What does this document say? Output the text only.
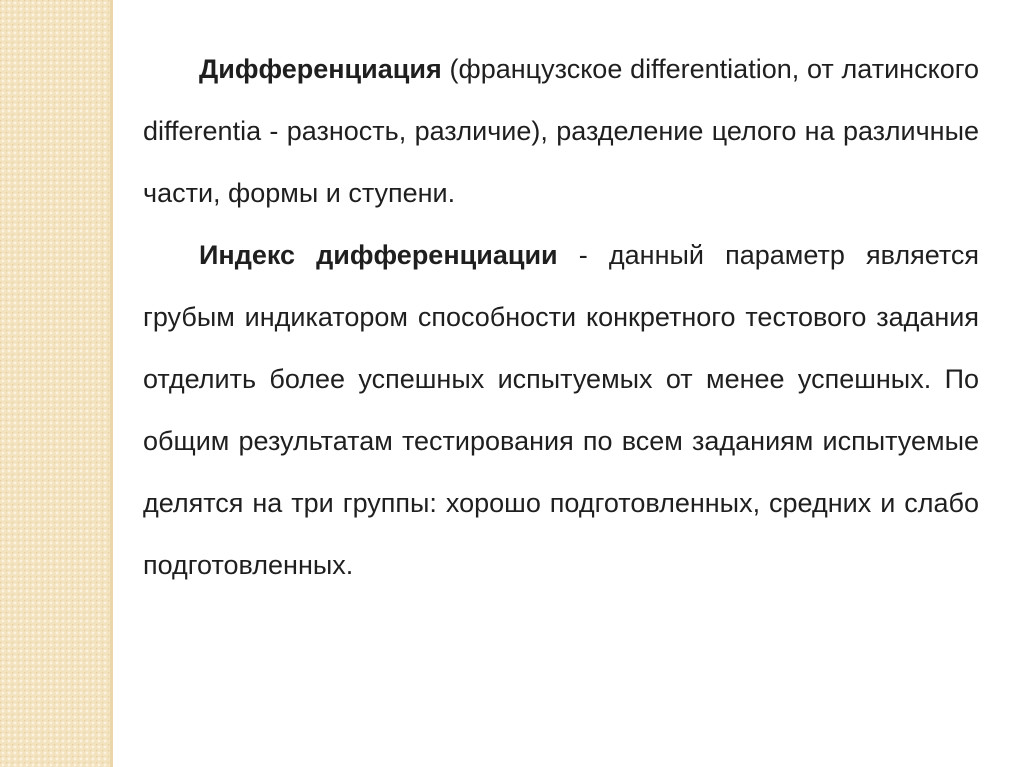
Дифференциация (французское differentiation, от латинского differentia - разность, различие), разделение целого на различные части, формы и ступени.

Индекс дифференциации - данный параметр является грубым индикатором способности конкретного тестового задания отделить более успешных испытуемых от менее успешных. По общим результатам тестирования по всем заданиям испытуемые делятся на три группы: хорошо подготовленных, средних и слабо подготовленных.
